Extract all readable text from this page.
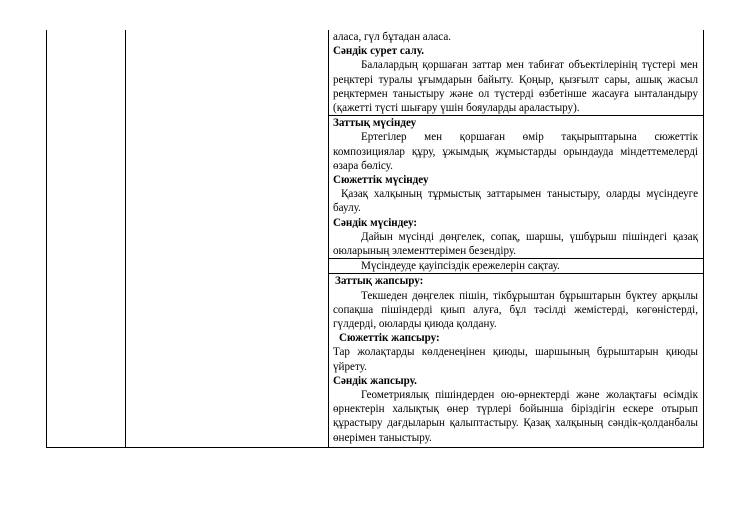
аласа, гүл бұтадан аласа.

Сәндік сурет салу.

Балалардың қоршаған заттар мен табиғат объектілерінің түстері мен реңктері туралы ұғымдарын байыту. Қоңыр, қызғылт сары, ашық жасыл реңктермен таныстыру және ол түстерді өзбетінше жасауға ынталандыру (қажетті түсті шығару үшін бояуларды араластыру).

Заттық мүсіндеу

Ертегілер мен қоршаған өмір тақырыптарына сюжеттік композициялар құру, ұжымдық жұмыстарды орындауда міндеттемелерді өзара бөлісу.

Сюжеттік мүсіндеу

Қазақ халқының тұрмыстық заттарымен таныстыру, оларды мүсіндеуге баулу.

Сәндік мүсіндеу:

Дайын мүсінді дөңгелек, сопақ, шаршы, үшбұрыш пішіндегі қазақ оюларының элементтерімен безендіру.

Мүсіндеуде қауіпсіздік ережелерін сақтау.

Заттық жапсыру:

Текшеден дөңгелек пішін, тікбұрыштан бұрыштарын бүктеу арқылы сопақша пішіндерді қиып алуға, бұл тәсілді жемістерді, көгөністерді, гүлдерді, оюларды қиюда қолдану.

Сюжеттік жапсыру:

Тар жолақтарды көлденеңінен қиюды, шаршының бұрыштарын қиюды үйрету.

Сәндік жапсыру.

Геометриялық пішіндерден ою-өрнектерді және жолақтағы өсімдік өрнектерін халықтық өнер түрлері бойынша біріздігін ескере отырып құрастыру дағдыларын қалыптастыру. Қазақ халқының сәндік-қолданбалы өнерімен таныстыру.
